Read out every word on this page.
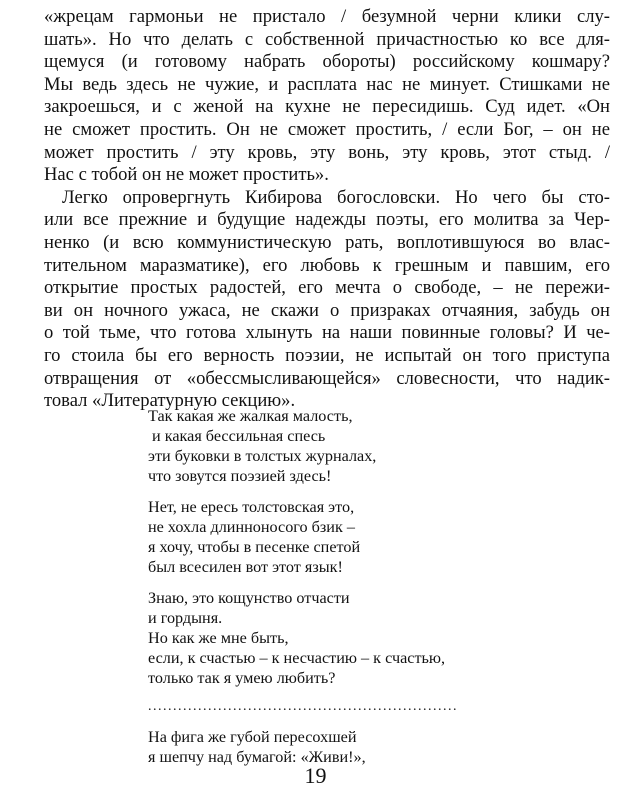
«жрецам гармоньи не пристало / безумной черни клики слу-
шать». Но что делать с собственной причастностью ко все для-
щемуся (и готовому набрать обороты) российскому кошмару?
Мы ведь здесь не чужие, и расплата нас не минует. Стишками не
закроешься, и с женой на кухне не пересидишь. Суд идет. «Он
не сможет простить. Он не сможет простить, / если Бог, – он не
может простить / эту кровь, эту вонь, эту кровь, этот стыд. /
Нас с тобой он не может простить».
Легко опровергнуть Кибирова богословски. Но чего бы сто-
или все прежние и будущие надежды поэты, его молитва за Чер-
ненко (и всю коммунистическую рать, воплотившуюся во влас-
тительном маразматике), его любовь к грешным и павшим, его
открытие простых радостей, его мечта о свободе, – не пережи-
ви он ночного ужаса, не скажи о призраках отчаяния, забудь он
о той тьме, что готова хлынуть на наши повинные головы? И че-
го стоила бы его верность поэзии, не испытай он того приступа
отвращения от «обессмысливающейся» словесности, что надик-
товал «Литературную секцию».
Так какая же жалкая малость,
и какая бессильная спесь
эти буковки в толстых журналах,
что зовутся поэзией здесь!
Нет, не ересь толстовская это,
не хохла длинноносого бзик –
я хочу, чтобы в песенке спетой
был всесилен вот этот язык!
Знаю, это кощунство отчасти
и гордыня.
Но как же мне быть,
если, к счастью – к несчастию – к счастью,
только так я умею любить?
..............................................................
На фига же губой пересохшей
я шепчу над бумагой: «Живи!»,
19
